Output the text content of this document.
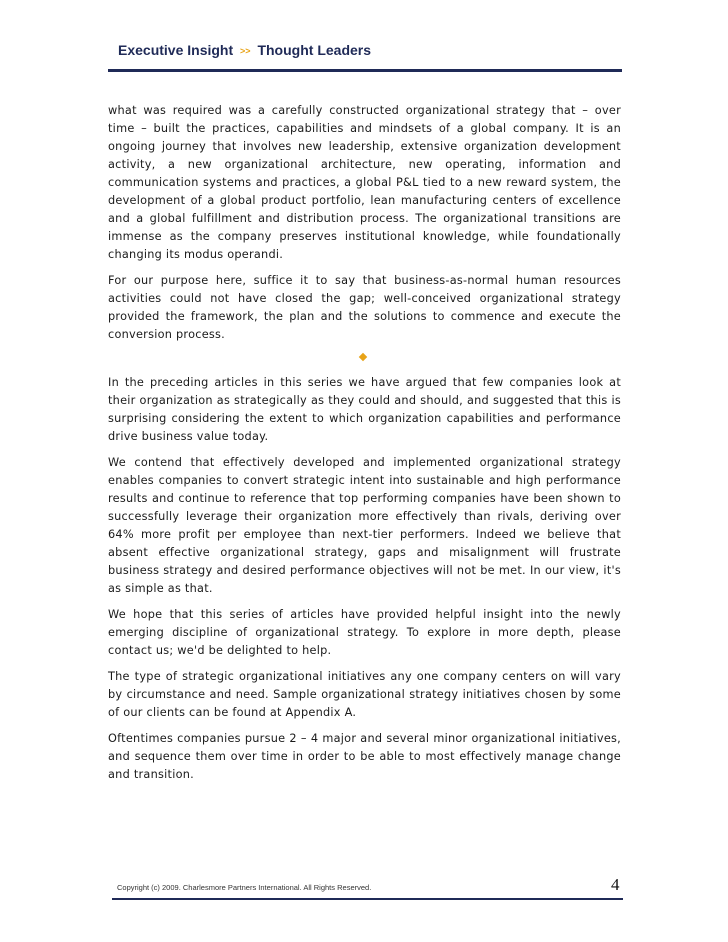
Executive Insight >> Thought Leaders

what was required was a carefully constructed organizational strategy that – over time – built the practices, capabilities and mindsets of a global company. It is an ongoing journey that involves new leadership, extensive organization development activity, a new organizational architecture, new operating, information and communication systems and practices, a global P&L tied to a new reward system, the development of a global product portfolio, lean manufacturing centers of excellence and a global fulfillment and distribution process. The organizational transitions are immense as the company preserves institutional knowledge, while foundationally changing its modus operandi.

For our purpose here, suffice it to say that business-as-normal human resources activities could not have closed the gap; well-conceived organizational strategy provided the framework, the plan and the solutions to commence and execute the conversion process.

In the preceding articles in this series we have argued that few companies look at their organization as strategically as they could and should, and suggested that this is surprising considering the extent to which organization capabilities and performance drive business value today.

We contend that effectively developed and implemented organizational strategy enables companies to convert strategic intent into sustainable and high performance results and continue to reference that top performing companies have been shown to successfully leverage their organization more effectively than rivals, deriving over 64% more profit per employee than next-tier performers. Indeed we believe that absent effective organizational strategy, gaps and misalignment will frustrate business strategy and desired performance objectives will not be met. In our view, it's as simple as that.

We hope that this series of articles have provided helpful insight into the newly emerging discipline of organizational strategy. To explore in more depth, please contact us; we'd be delighted to help.

The type of strategic organizational initiatives any one company centers on will vary by circumstance and need. Sample organizational strategy initiatives chosen by some of our clients can be found at Appendix A.

Oftentimes companies pursue 2 – 4 major and several minor organizational initiatives, and sequence them over time in order to be able to most effectively manage change and transition.

Copyright (c) 2009. Charlesmore Partners International. All Rights Reserved.	4
